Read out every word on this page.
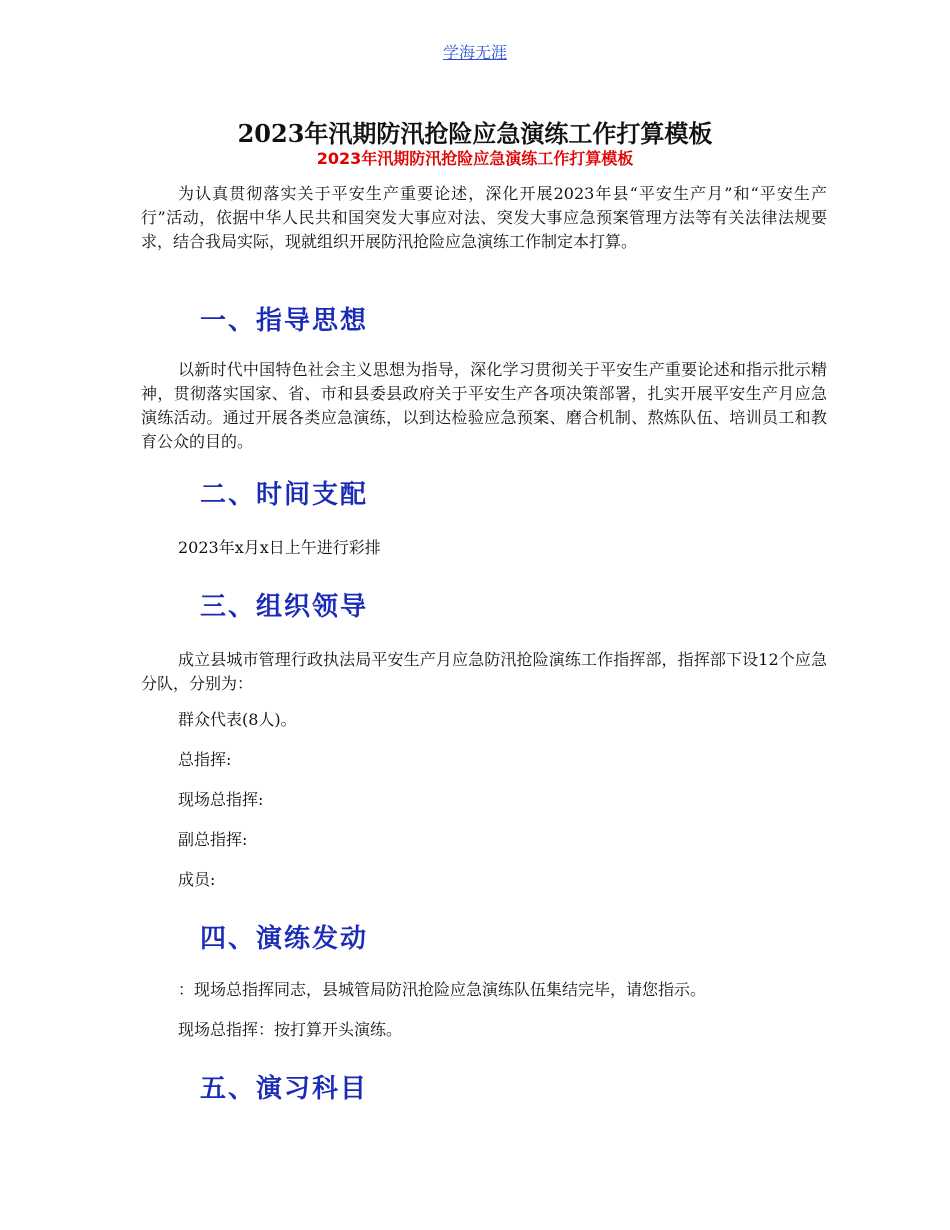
学海无涯
2023年汛期防汛抢险应急演练工作打算模板
2023年汛期防汛抢险应急演练工作打算模板

为认真贯彻落实关于平安生产重要论述，深化开展2023年县“平安生产月”和“平安生产行”活动，依据中华人民共和国突发大事应对法、突发大事应急预案管理方法等有关法律法规要求，结合我局实际，现就组织开展防汛抢险应急演练工作制定本打算。

一、指导思想

以新时代中国特色社会主义思想为指导，深化学习贯彻关于平安生产重要论述和指示批示精神，贯彻落实国家、省、市和县委县政府关于平安生产各项决策部署，扎实开展平安生产月应急演练活动。通过开展各类应急演练，以到达检验应急预案、磨合机制、熬炼队伍、培训员工和教育公众的目的。

二、时间支配

2023年x月x日上午进行彩排

三、组织领导

成立县城市管理行政执法局平安生产月应急防汛抢险演练工作指挥部，指挥部下设12个应急分队，分别为：

群众代表(8人)。

总指挥:

现场总指挥:

副总指挥:

成员:

四、演练发动

：现场总指挥同志，县城管局防汛抢险应急演练队伍集结完毕，请您指示。

现场总指挥：按打算开头演练。

五、演习科目
